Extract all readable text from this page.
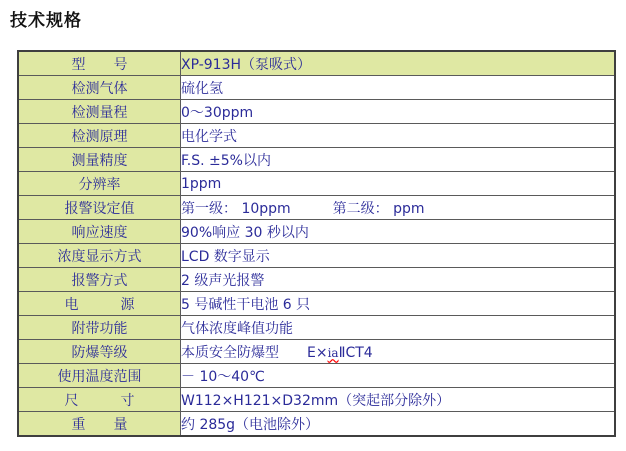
技术规格
型　　号	XP-913H（泵吸式）
检测气体	硫化氢
检测量程	0～30ppm
检测原理	电化学式
测量精度	F.S. ±5%以内
分辨率	1ppm
报警设定值	第一级： 10ppm　　　第二级： ppm
响应速度	90%响应 30 秒以内
浓度显示方式	LCD 数字显示
报警方式	2 级声光报警
电　　　源	5 号碱性干电池 6 只
附带功能	气体浓度峰值功能
防爆等级	本质安全防爆型　　E×iaⅡCT4
使用温度范围	－ 10～40℃
尺　　　寸	W112×H121×D32mm（突起部分除外）
重　　量	约 285g（电池除外）
